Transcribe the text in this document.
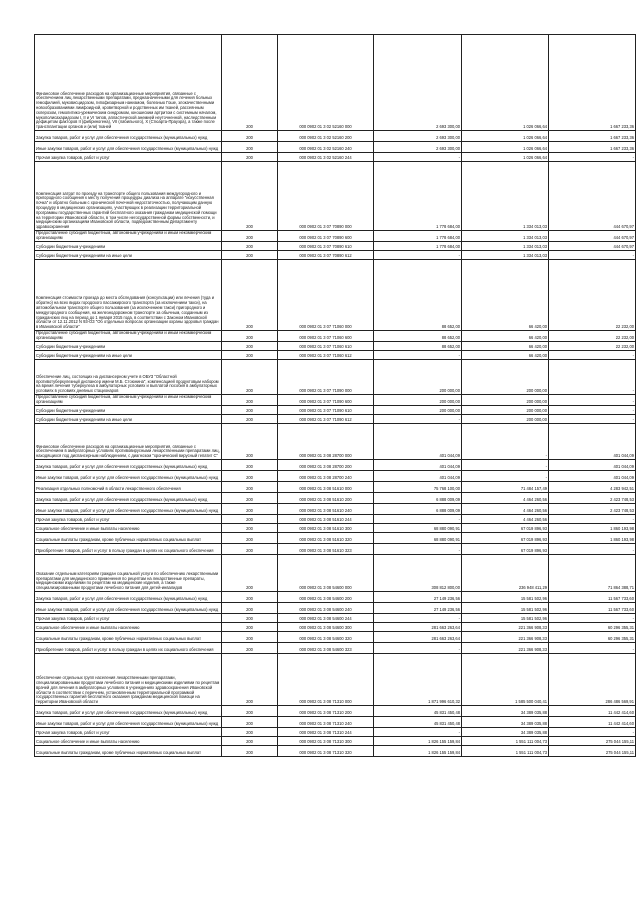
Финансовое обеспечение расходов на организационные мероприятия, связанные с обеспечением лиц лекарственными препаратами, предназначенными для лечения больных гемофилией, муковисцидозом, гипофизарным нанизмом, болезнью Гоше, злокачественными новообразованиями лимфоидной, кроветворной и родственных им тканей, рассеянным склерозом, гемолитико-уремическим синдромом, юношеским артритом с системным началом, мукополисахаридозом I, II и VI типов, апластической анемией неуточненной, наследственным дефицитом факторов II (фибриногена), VII (лабильного), X (Стюарта-Прауэра), а также после трансплантации органов и (или) тканей	200	000 0902 01 3 02 52160 000	2 693 300,00	1 026 066,64	1 667 233,36

Закупка товаров, работ и услуг для обеспечения государственных (муниципальных) нужд	200	000 0902 01 3 02 52160 200	2 693 300,00	1 026 066,64	1 667 233,36

Иные закупки товаров, работ и услуг для обеспечения государственных (муниципальных) нужд	200	000 0902 01 3 02 52160 240	2 693 300,00	1 026 066,64	1 667 233,36

Прочая закупка товаров, работ и услуг	200	000 0902 01 3 02 52160 244	-	1 026 066,64	-

Компенсация затрат по проезду на транспорте общего пользования междугородного и пригородного сообщения к месту получения процедуры диализа на аппарате "искусственная почка" и обратно больным с хронической почечной недостаточностью, получающим данную процедуру в медицинских организациях, участвующих в реализации территориальной программы государственных гарантий бесплатного оказания гражданам медицинской помощи на территории Ивановской области, в том числе негосударственной формы собственности, и медицинским организациям Ивановской области, подведомственным Департаменту здравоохранения	200	000 0902 01 3 07 70890 000	1 778 684,00	1 334 013,03	444 670,97

Предоставление субсидий бюджетным, автономным учреждениям и иным некоммерческим организациям	200	000 0902 01 3 07 70890 600	1 778 684,00	1 334 013,03	444 670,97

Субсидии бюджетным учреждениям	200	000 0902 01 3 07 70890 610	1 778 684,00	1 334 013,03	444 670,97

Субсидии бюджетным учреждениям на иные цели	200	000 0902 01 3 07 70890 612	-	1 334 013,03	-

Компенсация стоимости проезда до места обследования (консультации) или лечения (туда и обратно) на всех видах городского пассажирского транспорта (за исключением такси), на автомобильном транспорте общего пользования (за исключением такси) пригородного и междугородного сообщения, на железнодорожном транспорте за обычным, созданным из гражданских лиц на период до 1 января 2015 года, в соответствии с Законом Ивановской области от 12.11.2012 N 93-ОЗ "Об отдельных вопросах организации охраны здоровья граждан в Ивановской области"	200	000 0902 01 3 07 71060 000	88 652,00	66 420,00	22 232,00

Предоставление субсидий бюджетным, автономным учреждениям и иным некоммерческим организациям	200	000 0902 01 3 07 71060 600	88 652,00	66 420,00	22 232,00

Субсидии бюджетным учреждениям	200	000 0902 01 3 07 71060 610	88 652,00	66 420,00	22 232,00

Субсидии бюджетным учреждениям на иные цели	200	000 0902 01 3 07 71060 612	-	66 420,00	-

Обеспечение лиц, состоящих на диспансерном учете в ОБУЗ "Областной противотуберкулезный диспансер имени М.Б. Стоюнина", компенсацией продуктовым набором на время лечения туберкулеза в амбулаторных условиях и выплатой пособия в амбулаторных условиях в условиях дневных стационаров	200	000 0902 01 3 07 71090 000	200 000,00	200 000,00	-

Предоставление субсидий бюджетным, автономным учреждениям и иным некоммерческим организациям	200	000 0902 01 3 07 71090 600	200 000,00	200 000,00	-

Субсидии бюджетным учреждениям	200	000 0902 01 3 07 71090 610	200 000,00	200 000,00	-

Субсидии бюджетным учреждениям на иные цели	200	000 0902 01 3 07 71090 612	-	200 000,00	-

Финансовое обеспечение расходов на организационные мероприятия, связанные с обеспечением в амбулаторных условиях противовирусными лекарственными препаратами лиц, находящихся под диспансерным наблюдением, с диагнозом "хронический вирусный гепатит С"	200	000 0902 01 3 08 28700 000	401 044,09	-	401 044,09

Закупка товаров, работ и услуг для обеспечения государственных (муниципальных) нужд	200	000 0902 01 3 08 28700 200	401 044,09	-	401 044,09

Иные закупки товаров, работ и услуг для обеспечения государственных (муниципальных) нужд	200	000 0902 01 3 08 28700 240	401 044,09	-	401 044,09

Реализация отдельных полномочий в области лекарственного обеспечения	200	000 0902 01 3 08 51610 000	75 768 100,00	71 484 157,49	4 283 942,51

Закупка товаров, работ и услуг для обеспечения государственных (муниципальных) нужд	200	000 0902 01 3 08 51610 200	6 888 009,09	4 464 260,56	2 423 748,53

Иные закупки товаров, работ и услуг для обеспечения государственных (муниципальных) нужд	200	000 0902 01 3 08 51610 240	6 888 009,09	4 464 260,56	2 423 748,53

Прочая закупка товаров, работ и услуг	200	000 0902 01 3 08 51610 244	-	4 464 260,56	-

Социальное обеспечение и иные выплаты населению	200	000 0902 01 3 08 51610 300	68 880 090,91	67 019 896,93	1 860 193,98

Социальные выплаты гражданам, кроме публичных нормативных социальных выплат	200	000 0902 01 3 08 51610 320	68 880 090,91	67 019 896,93	1 860 193,98

Приобретение товаров, работ и услуг в пользу граждан в целях их социального обеспечения	200	000 0902 01 3 08 51610 323	-	67 019 896,93	-

Оказание отдельным категориям граждан социальной услуги по обеспечению лекарственными препаратами для медицинского применения по рецептам на лекарственные препараты, медицинскими изделиями по рецептам на медицинские изделия, а также специализированными продуктами лечебного питания для детей-инвалидов	200	000 0902 01 3 08 54600 000	308 812 800,00	236 948 411,29	71 864 388,71

Закупка товаров, работ и услуг для обеспечения государственных (муниципальных) нужд	200	000 0902 01 3 08 54600 200	27 149 236,56	15 581 502,96	11 567 733,60

Иные закупки товаров, работ и услуг для обеспечения государственных (муниципальных) нужд	200	000 0902 01 3 08 54600 240	27 149 236,56	15 581 502,96	11 567 733,60

Прочая закупка товаров, работ и услуг	200	000 0902 01 3 08 54600 244	-	15 581 502,96	-

Социальное обеспечение и иные выплаты населению	200	000 0902 01 3 08 54600 300	281 663 263,64	221 366 908,33	60 296 355,31

Социальные выплаты гражданам, кроме публичных нормативных социальных выплат	200	000 0902 01 3 08 54600 320	281 663 263,64	221 366 908,33	60 296 355,31

Приобретение товаров, работ и услуг в пользу граждан в целях их социального обеспечения	200	000 0902 01 3 08 54600 323	-	221 366 908,33	-

Обеспечение отдельных групп населения лекарственными препаратами, специализированными продуктами лечебного питания и медицинскими изделиями по рецептам врачей для лечения в амбулаторных условиях в учреждениях здравоохранения Ивановской области в соответствии с перечнем, установленным территориальной программой государственных гарантий бесплатного оказания гражданам медицинской помощи на территории Ивановской области	200	000 0902 01 3 08 71310 000	1 871 996 610,32	1 585 500 040,41	286 486 569,91

Закупка товаров, работ и услуг для обеспечения государственных (муниципальных) нужд	200	000 0902 01 3 08 71310 200	45 831 450,48	34 389 035,88	11 442 414,60

Иные закупки товаров, работ и услуг для обеспечения государственных (муниципальных) нужд	200	000 0902 01 3 08 71310 240	45 831 450,48	34 389 035,88	11 442 414,60

Прочая закупка товаров, работ и услуг	200	000 0902 01 3 08 71310 244	-	34 389 035,88	-

Социальное обеспечение и иные выплаты населению	200	000 0902 01 3 08 71310 300	1 826 155 159,84	1 551 111 004,73	275 044 155,11

Социальные выплаты гражданам, кроме публичных нормативных социальных выплат	200	000 0902 01 3 08 71310 320	1 826 155 159,84	1 551 111 004,73	275 044 155,11
